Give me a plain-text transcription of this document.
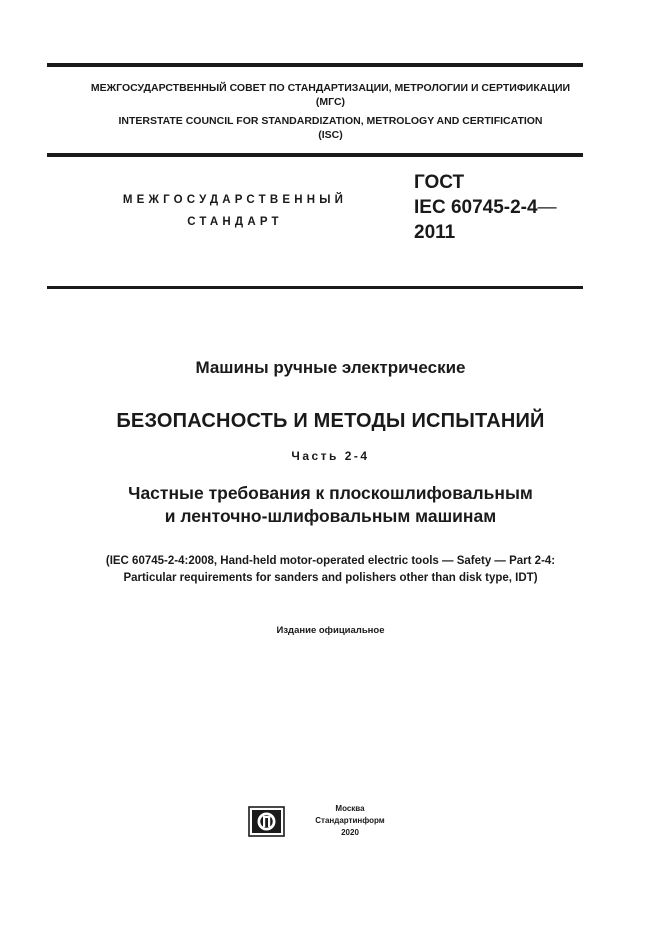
МЕЖГОСУДАРСТВЕННЫЙ СОВЕТ ПО СТАНДАРТИЗАЦИИ, МЕТРОЛОГИИ И СЕРТИФИКАЦИИ
(МГС)
INTERSTATE COUNCIL FOR STANDARDIZATION, METROLOGY AND CERTIFICATION
(ISC)
МЕЖГОСУДАРСТВЕННЫЙ
СТАНДАРТ
ГОСТ
IEC 60745-2-4—
2011
Машины ручные электрические
БЕЗОПАСНОСТЬ И МЕТОДЫ ИСПЫТАНИЙ
Часть 2-4
Частные требования к плоскошлифовальным
и ленточно-шлифовальным машинам
(IEC 60745-2-4:2008, Hand-held motor-operated electric tools — Safety — Part 2-4:
Particular requirements for sanders and polishers other than disk type, IDT)
Издание официальное
Москва
Стандартинформ
2020
